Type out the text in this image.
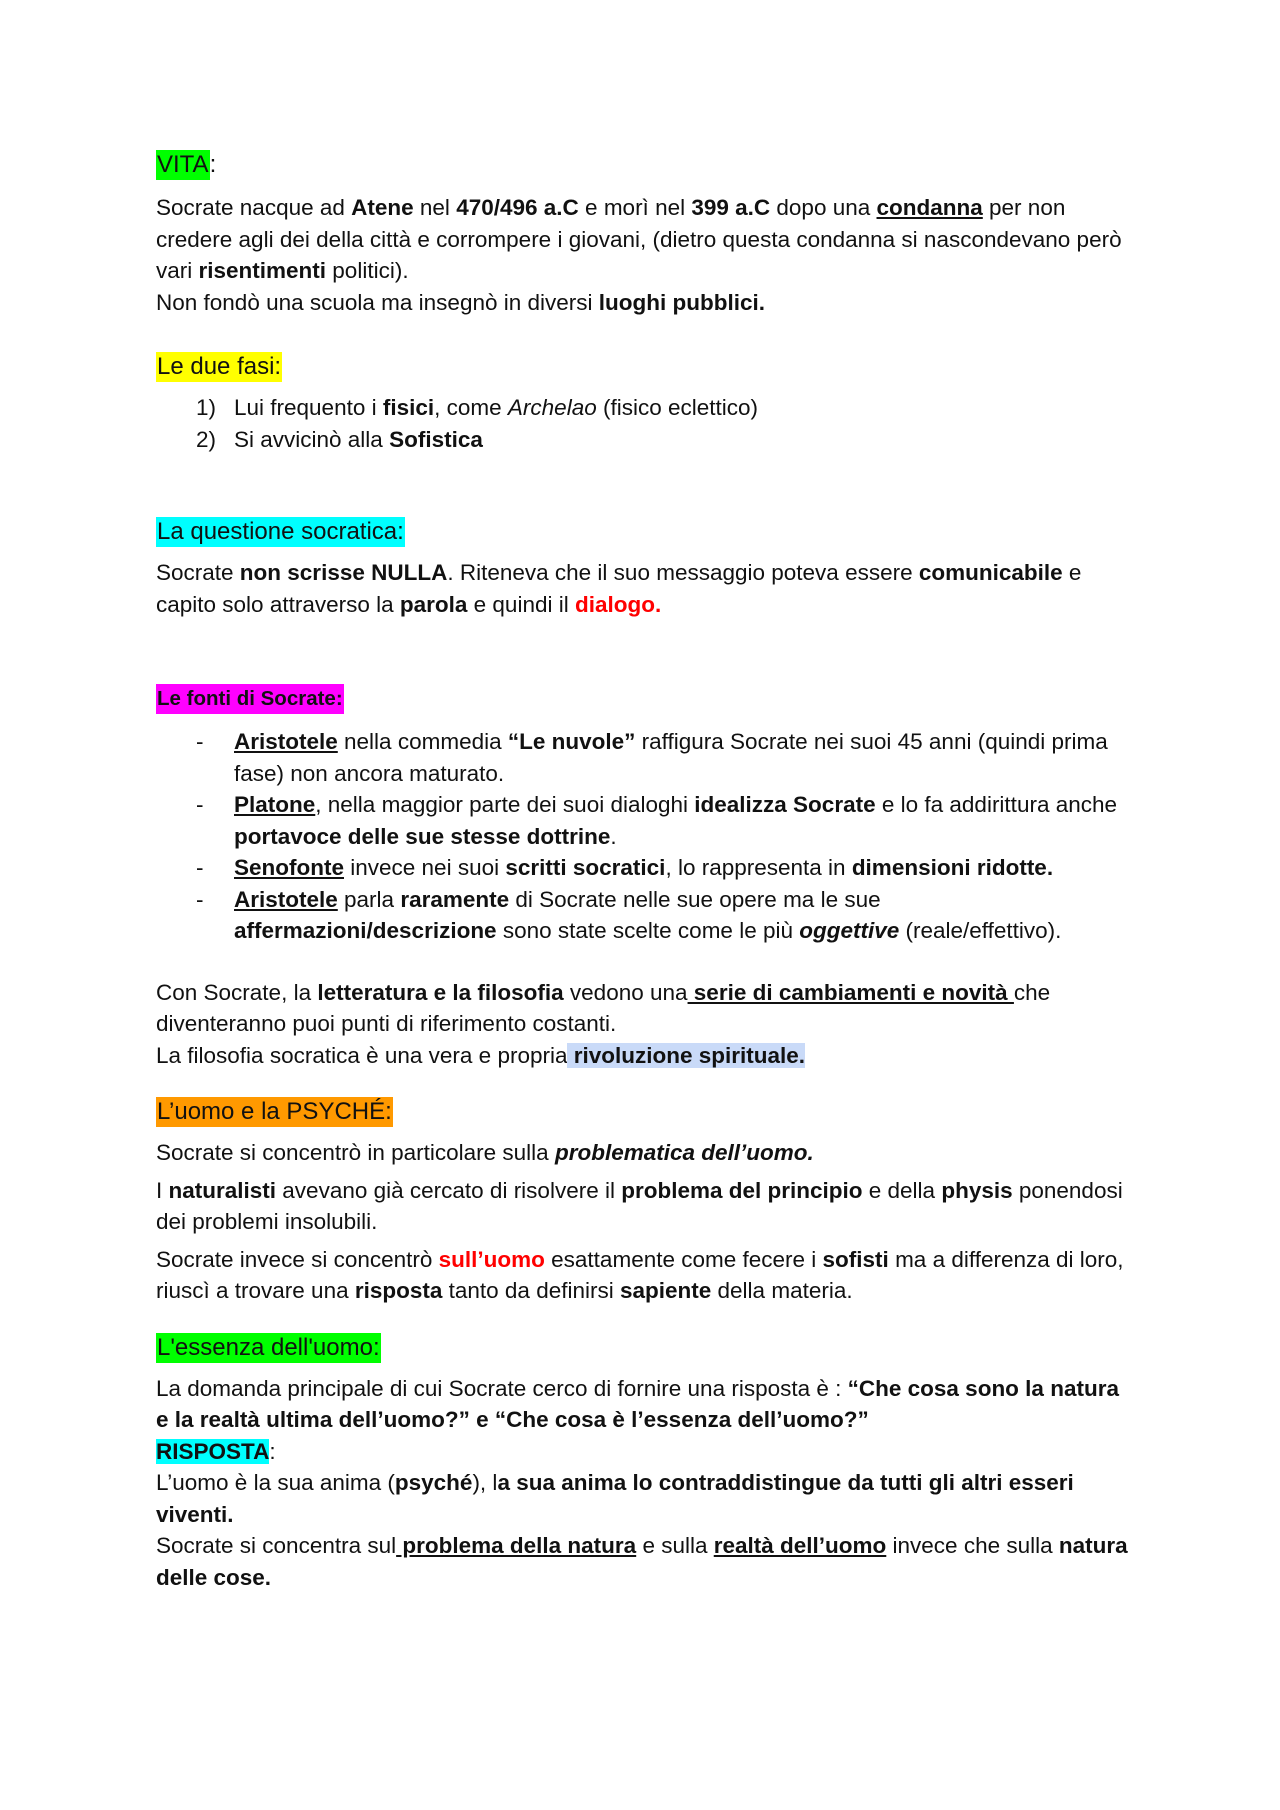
VITA:

Socrate nacque ad Atene nel 470/496 a.C e morì nel 399 a.C dopo una condanna per non credere agli dei della città e corrompere i giovani, (dietro questa condanna si nascondevano però vari risentimenti politici).

Non fondò una scuola ma insegnò in diversi luoghi pubblici.

Le due fasi:
1) Lui frequento i fisici, come Archelao (fisico eclettico)
2) Si avvicinò alla Sofistica
La questione socratica:

Socrate non scrisse NULLA. Riteneva che il suo messaggio poteva essere comunicabile e capito solo attraverso la parola e quindi il dialogo.

Le fonti di Socrate:
- Aristotele nella commedia “Le nuvole” raffigura Socrate nei suoi 45 anni (quindi prima fase) non ancora maturato.
- Platone, nella maggior parte dei suoi dialoghi idealizza Socrate e lo fa addirittura anche portavoce delle sue stesse dottrine.
- Senofonte invece nei suoi scritti socratici, lo rappresenta in dimensioni ridotte.
- Aristotele parla raramente di Socrate nelle sue opere ma le sue affermazioni/descrizione sono state scelte come le più oggettive (reale/effettivo).

Con Socrate, la letteratura e la filosofia vedono una serie di cambiamenti e novità che diventeranno puoi punti di riferimento costanti.

La filosofia socratica è una vera e propria rivoluzione spirituale.

L’uomo e la PSYCHÉ:

Socrate si concentrò in particolare sulla problematica dell’uomo.

I naturalisti avevano già cercato di risolvere il problema del principio e della physis ponendosi dei problemi insolubili.

Socrate invece si concentrò sull’uomo esattamente come fecere i sofisti ma a differenza di loro, riuscì a trovare una risposta tanto da definirsi sapiente della materia.

L'essenza dell'uomo:

La domanda principale di cui Socrate cerco di fornire una risposta è : “Che cosa sono la natura e la realtà ultima dell’uomo?” e “Che cosa è l’essenza dell’uomo?”

RISPOSTA:

L’uomo è la sua anima (psyché), la sua anima lo contraddistingue da tutti gli altri esseri viventi.

Socrate si concentra sul problema della natura e sulla realtà dell’uomo invece che sulla natura delle cose.
